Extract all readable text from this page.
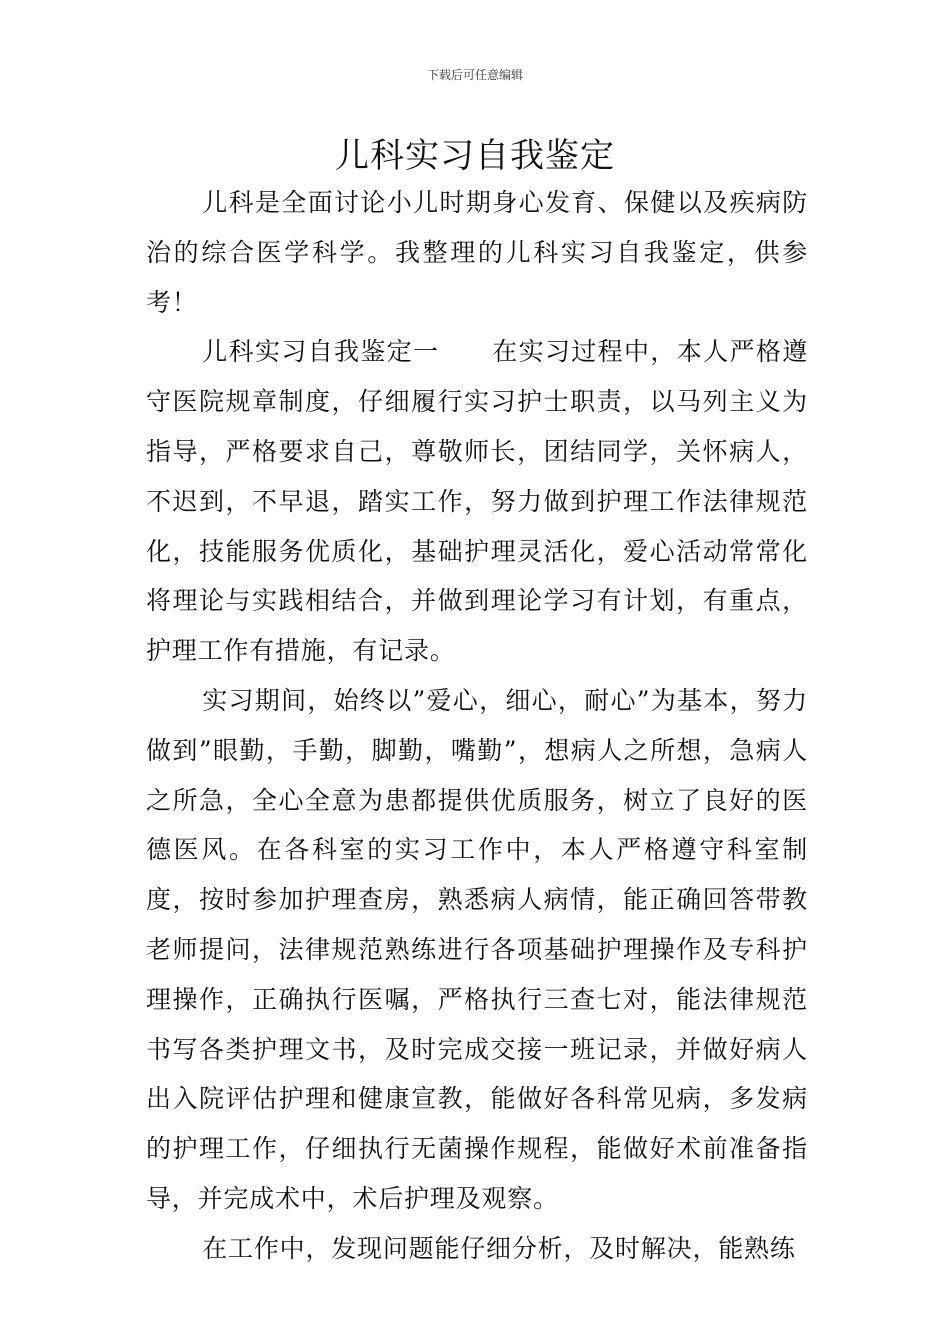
下载后可任意编辑
儿科实习自我鉴定

儿科是全面讨论小儿时期身心发育、保健以及疾病防治的综合医学科学。我整理的儿科实习自我鉴定，供参考！

儿科实习自我鉴定一　　在实习过程中，本人严格遵守医院规章制度，仔细履行实习护士职责，以马列主义为指导，严格要求自己，尊敬师长，团结同学，关怀病人，不迟到，不早退，踏实工作，努力做到护理工作法律规范化，技能服务优质化，基础护理灵活化，爱心活动常常化将理论与实践相结合，并做到理论学习有计划，有重点，护理工作有措施，有记录。

实习期间，始终以”爱心，细心，耐心”为基本，努力做到”眼勤，手勤，脚勤，嘴勤”，想病人之所想，急病人之所急，全心全意为患都提供优质服务，树立了良好的医德医风。在各科室的实习工作中，本人严格遵守科室制度，按时参加护理查房，熟悉病人病情，能正确回答带教老师提问，法律规范熟练进行各项基础护理操作及专科护理操作，正确执行医嘱，严格执行三查七对，能法律规范书写各类护理文书，及时完成交接一班记录，并做好病人出入院评估护理和健康宣教，能做好各科常见病，多发病的护理工作，仔细执行无菌操作规程，能做好术前准备指导，并完成术中，术后护理及观察。

在工作中，发现问题能仔细分析，及时解决，能熟练
